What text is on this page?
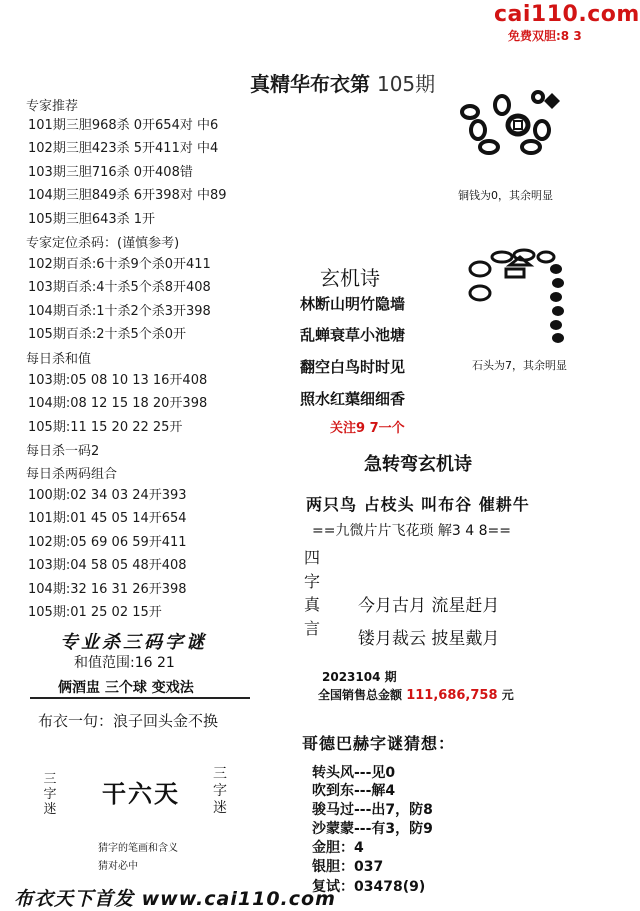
cai110.com
免费双胆:8 3
真精华布衣第 105期
专家推荐
101期三胆968杀 0开654对 中6
102期三胆423杀 5开411对 中4
103期三胆716杀 0开408错
104期三胆849杀 6开398对 中89
105期三胆643杀 1开
专家定位杀码：(谨慎参考)
102期百杀:6十杀9个杀0开411
103期百杀:4十杀5个杀8开408
104期百杀:1十杀2个杀3开398
105期百杀:2十杀5个杀0开
每日杀和值
103期:05 08 10 13 16开408
104期:08 12 15 18 20开398
105期:11 15 20 22 25开
每日杀一码2
每日杀两码组合
100期:02 34 03 24开393
101期:01 45 05 14开654
102期:05 69 06 59开411
103期:04 58 05 48开408
104期:32 16 31 26开398
105期:01 25 02 15开
专业杀三码字谜
和值范围:16 21
俩酒盅 三个球 变戏法
布衣一句：浪子回头金不换
三字迷
干六天
三字迷
猜字的笔画和含义
猜对必中
布衣天下首发 www.cai110.com
铜钱为0，其余明显
石头为7，其余明显
玄机诗
林断山明竹隐墙
乱蝉衰草小池塘
翻空白鸟时时见
照水红蕖细细香
关注9 7一个
急转弯玄机诗
两只鸟 占枝头 叫布谷 催耕牛
==九微片片飞花琐 解3 4 8==
四字真言
今月古月 流星赶月
镂月裁云 披星戴月
2023104 期
全国销售总金额 111,686,758 元
哥德巴赫字谜猜想：
转头风---见0
吹到东---解4
骏马过---出7，防8
沙蒙蒙---有3，防9
金胆：4
银胆：037
复试：03478(9)
